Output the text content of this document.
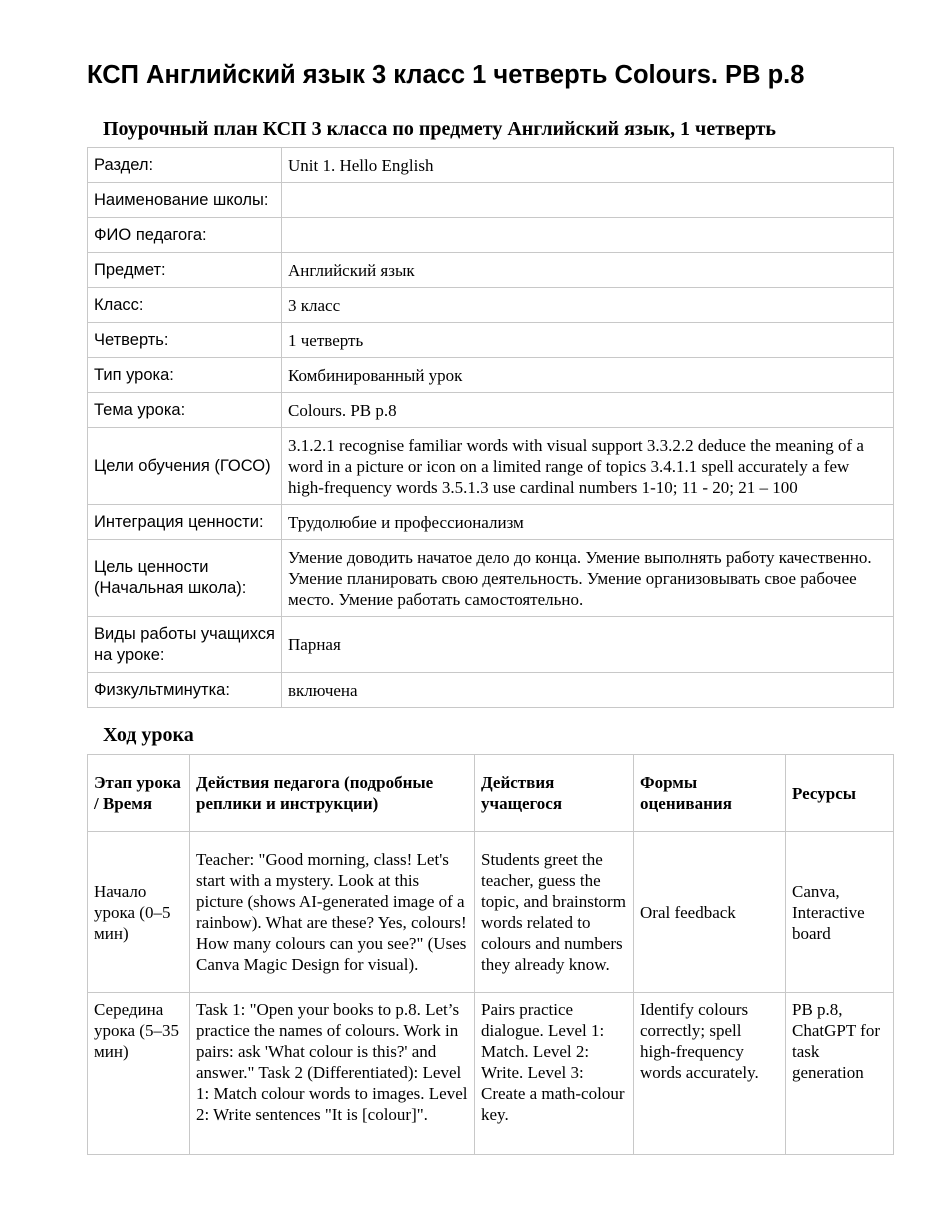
КСП Английский язык 3 класс 1 четверть Colours. PB p.8
Поурочный план КСП 3 класса по предмету Английский язык, 1 четверть
Раздел:	Unit 1. Hello English
Наименование школы:	
ФИО педагога:	
Предмет:	Английский язык
Класс:	3 класс
Четверть:	1 четверть
Тип урока:	Комбинированный урок
Тема урока:	Colours. PB p.8
Цели обучения (ГОСО)	3.1.2.1 recognise familiar words with visual support 3.3.2.2 deduce the meaning of a word in a picture or icon on a limited range of topics 3.4.1.1 spell accurately a few high-frequency words 3.5.1.3 use cardinal numbers 1-10; 11 - 20; 21 – 100
Интеграция ценности:	Трудолюбие и профессионализм
Цель ценности (Начальная школа):	Умение доводить начатое дело до конца. Умение выполнять работу качественно. Умение планировать свою деятельность. Умение организовывать свое рабочее место. Умение работать самостоятельно.
Виды работы учащихся на уроке:	Парная
Физкультминутка:	включена
Ход урока
Этап урока / Время	Действия педагога (подробные реплики и инструкции)	Действия учащегося	Формы оценивания	Ресурсы
Начало урока (0–5 мин)	Teacher: "Good morning, class! Let's start with a mystery. Look at this picture (shows AI-generated image of a rainbow). What are these? Yes, colours! How many colours can you see?" (Uses Canva Magic Design for visual).	Students greet the teacher, guess the topic, and brainstorm words related to colours and numbers they already know.	Oral feedback	Canva, Interactive board
Середина урока (5–35 мин)	Task 1: "Open your books to p.8. Let’s practice the names of colours. Work in pairs: ask 'What colour is this?' and answer." Task 2 (Differentiated): Level 1: Match colour words to images. Level 2: Write sentences "It is [colour]".	Pairs practice dialogue. Level 1: Match. Level 2: Write. Level 3: Create a math-colour key.	Identify colours correctly; spell high-frequency words accurately.	PB p.8, ChatGPT for task generation
